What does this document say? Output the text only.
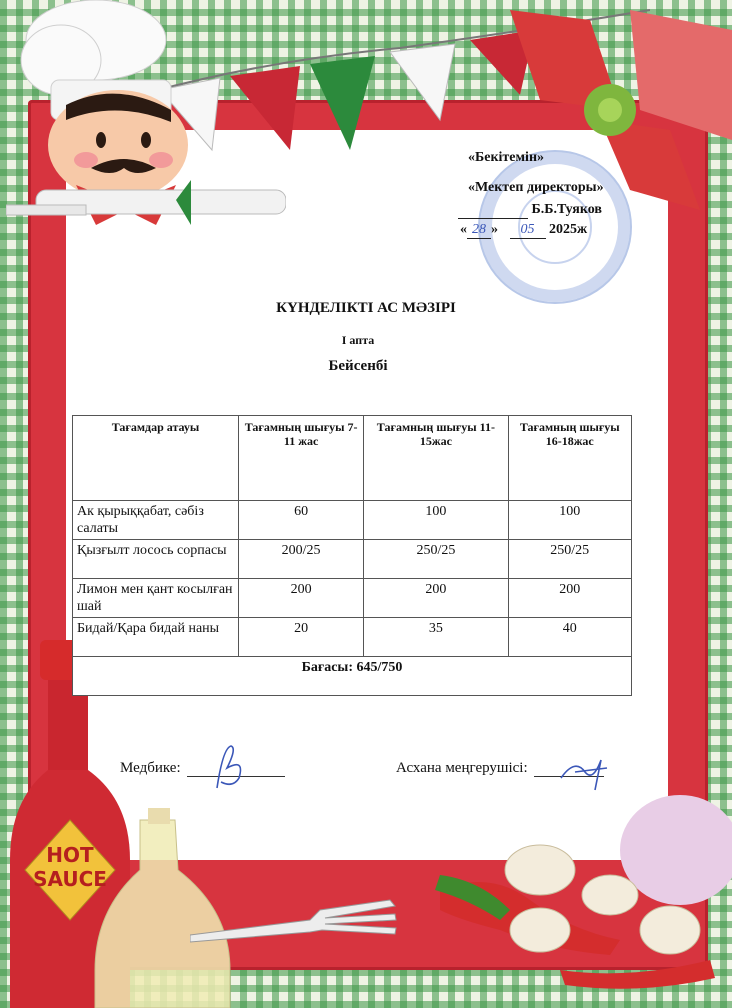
HOT
SAUCE
«Бекітемін»
«Мектеп директоры»
Б.Б.Туяков
« 28 » 05 2025ж
КҮНДЕЛІКТІ АС МӘЗІРІ
І апта
Бейсенбі
Тағамдар атауы	Тағамның шығуы 7-11 жас	Тағамның шығуы 11-15жас	Тағамның шығуы 16-18жас
Ак қырыққабат, сәбіз салаты	60	100	100
Қызғылт лосось сорпасы	200/25	250/25	250/25
Лимон мен қант косылған шай	200	200	200
Бидай/Қара бидай наны	20	35	40
Бағасы: 645/750			
Медбике:	Асхана меңгерушісі:
